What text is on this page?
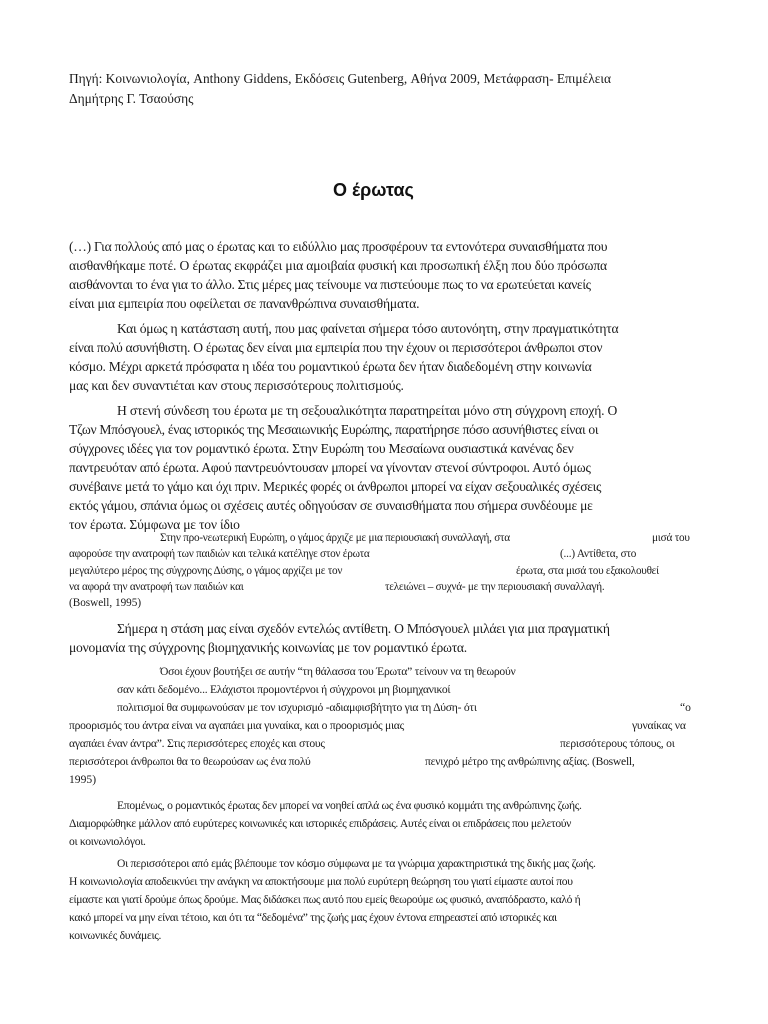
Πηγή: Κοινωνιολογία, Anthony Giddens, Εκδόσεις Gutenberg, Αθήνα 2009, Μετάφραση- Επιμέλεια
Δημήτρης Γ. Τσαούσης
Ο έρωτας
(…) Για πολλούς από μας ο έρωτας και το ειδύλλιο μας προσφέρουν τα εντονότερα συναισθήματα που
αισθανθήκαμε ποτέ. Ο έρωτας εκφράζει μια αμοιβαία φυσική και προσωπική έλξη που δύο πρόσωπα
αισθάνονται το ένα για το άλλο. Στις μέρες μας τείνουμε να πιστεύουμε πως το να ερωτεύεται κανείς
είναι μια εμπειρία που οφείλεται σε πανανθρώπινα συναισθήματα.
Και όμως η κατάσταση αυτή, που μας φαίνεται σήμερα τόσο αυτονόητη, στην πραγματικότητα
είναι πολύ ασυνήθιστη. Ο έρωτας δεν είναι μια εμπειρία που την έχουν οι περισσότεροι άνθρωποι στον
κόσμο. Μέχρι αρκετά πρόσφατα η ιδέα του ρομαντικού έρωτα δεν ήταν διαδεδομένη στην κοινωνία
μας και δεν συναντιέται καν στους περισσότερους πολιτισμούς.
Η στενή σύνδεση του έρωτα με τη σεξουαλικότητα παρατηρείται μόνο στη σύγχρονη εποχή. Ο
Τζων Μπόσγουελ, ένας ιστορικός της Μεσαιωνικής Ευρώπης, παρατήρησε πόσο ασυνήθιστες είναι οι
σύγχρονες ιδέες για τον ρομαντικό έρωτα. Στην Ευρώπη του Μεσαίωνα ουσιαστικά κανένας δεν
παντρευόταν από έρωτα. Αφού παντρευόντουσαν μπορεί να γίνονταν στενοί σύντροφοι. Αυτό όμως
συνέβαινε μετά το γάμο και όχι πριν. Μερικές φορές οι άνθρωποι μπορεί να είχαν σεξουαλικές σχέσεις
εκτός γάμου, σπάνια όμως οι σχέσεις αυτές οδηγούσαν σε συναισθήματα που σήμερα συνδέουμε με
τον έρωτα. Σύμφωνα με τον ίδιο
Στην προ-νεωτερική Ευρώπη, ο γάμος άρχιζε με μια περιουσιακή συναλλαγή, στα	μισά του
αφορούσε την ανατροφή των παιδιών και τελικά κατέληγε στον έρωτα	(...) Αντίθετα, στο
μεγαλύτερο μέρος της σύγχρονης Δύσης, ο γάμος αρχίζει με τον	έρωτα, στα μισά του εξακολουθεί
να αφορά την ανατροφή των παιδιών και	τελειώνει – συχνά- με την περιουσιακή συναλλαγή.
(Boswell, 1995)
Σήμερα η στάση μας είναι σχεδόν εντελώς αντίθετη. Ο Μπόσγουελ μιλάει για μια πραγματική
μονομανία της σύγχρονης βιομηχανικής κοινωνίας με τον ρομαντικό έρωτα.
Όσοι έχουν βουτήξει σε αυτήν “τη θάλασσα του Έρωτα” τείνουν να τη θεωρούν
σαν κάτι δεδομένο... Ελάχιστοι προμοντέρνοι ή σύγχρονοι μη βιομηχανικοί
πολιτισμοί θα συμφωνούσαν με τον ισχυρισμό -αδιαμφισβήτητο για τη Δύση- ότι	“ο
προορισμός του άντρα είναι να αγαπάει μια γυναίκα, και ο προορισμός μιας	γυναίκας να
αγαπάει έναν άντρα”. Στις περισσότερες εποχές και στους	περισσότερους τόπους, οι
περισσότεροι άνθρωποι θα το θεωρούσαν ως ένα πολύ	πενιχρό μέτρο της ανθρώπινης αξίας. (Boswell,
1995)
Επομένως, ο ρομαντικός έρωτας δεν μπορεί να νοηθεί απλά ως ένα φυσικό κομμάτι της ανθρώπινης ζωής.
Διαμορφώθηκε μάλλον από ευρύτερες κοινωνικές και ιστορικές επιδράσεις. Αυτές είναι οι επιδράσεις που μελετούν
οι κοινωνιολόγοι.
Οι περισσότεροι από εμάς βλέπουμε τον κόσμο σύμφωνα με τα γνώριμα χαρακτηριστικά της δικής μας ζωής.
Η κοινωνιολογία αποδεικνύει την ανάγκη να αποκτήσουμε μια πολύ ευρύτερη θεώρηση του γιατί είμαστε αυτοί που
είμαστε και γιατί δρούμε όπως δρούμε. Μας διδάσκει πως αυτό που εμείς θεωρούμε ως φυσικό, αναπόδραστο, καλό ή
κακό μπορεί να μην είναι τέτοιο, και ότι τα “δεδομένα” της ζωής μας έχουν έντονα επηρεαστεί από ιστορικές και
κοινωνικές δυνάμεις.
